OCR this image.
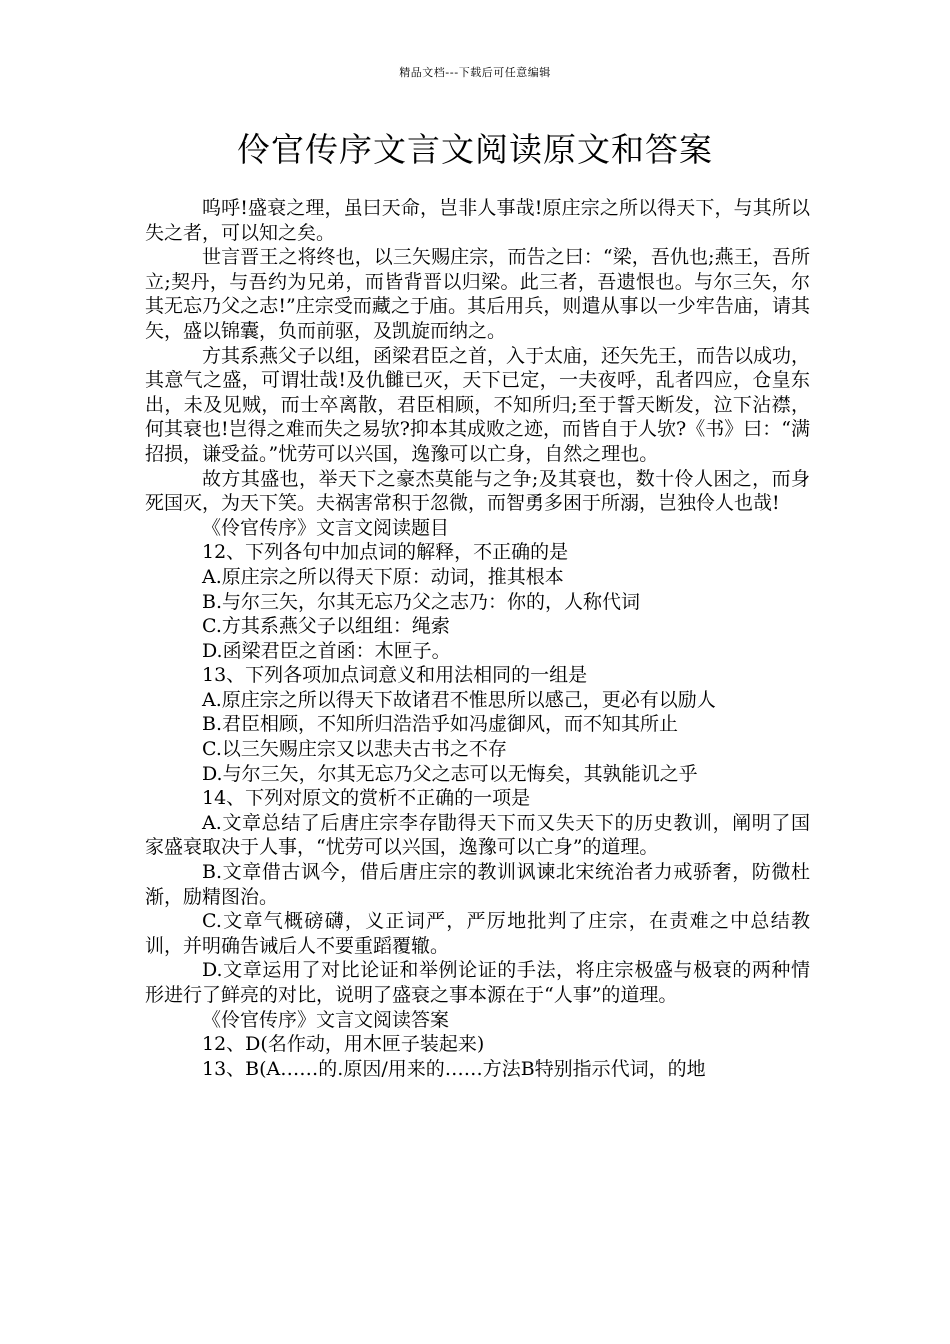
精品文档---下载后可任意编辑
伶官传序文言文阅读原文和答案

呜呼!盛衰之理，虽曰天命，岂非人事哉!原庄宗之所以得天下，与其所以失之者，可以知之矣。

世言晋王之将终也，以三矢赐庄宗，而告之曰：“梁，吾仇也;燕王，吾所立;契丹，与吾约为兄弟，而皆背晋以归梁。此三者，吾遗恨也。与尔三矢，尔其无忘乃父之志!”庄宗受而藏之于庙。其后用兵，则遣从事以一少牢告庙，请其矢，盛以锦囊，负而前驱，及凯旋而纳之。

方其系燕父子以组，函梁君臣之首，入于太庙，还矢先王，而告以成功，其意气之盛，可谓壮哉!及仇雠已灭，天下已定，一夫夜呼，乱者四应，仓皇东出，未及见贼，而士卒离散，君臣相顾，不知所归;至于誓天断发，泣下沾襟，何其衰也!岂得之难而失之易欤?抑本其成败之迹，而皆自于人欤?《书》曰：“满招损，谦受益。”忧劳可以兴国，逸豫可以亡身，自然之理也。

故方其盛也，举天下之豪杰莫能与之争;及其衰也，数十伶人困之，而身死国灭，为天下笑。夫祸害常积于忽微，而智勇多困于所溺，岂独伶人也哉!

《伶官传序》文言文阅读题目

12、下列各句中加点词的解释，不正确的是

A.原庄宗之所以得天下原：动词，推其根本

B.与尔三矢，尔其无忘乃父之志乃：你的，人称代词

C.方其系燕父子以组组：绳索

D.函梁君臣之首函：木匣子。

13、下列各项加点词意义和用法相同的一组是

A.原庄宗之所以得天下故诸君不惟思所以感己，更必有以励人

B.君臣相顾，不知所归浩浩乎如冯虚御风，而不知其所止

C.以三矢赐庄宗又以悲夫古书之不存

D.与尔三矢，尔其无忘乃父之志可以无悔矣，其孰能讥之乎

14、下列对原文的赏析不正确的一项是

A.文章总结了后唐庄宗李存勖得天下而又失天下的历史教训，阐明了国家盛衰取决于人事，“忧劳可以兴国，逸豫可以亡身”的道理。

B.文章借古讽今，借后唐庄宗的教训讽谏北宋统治者力戒骄奢，防微杜渐，励精图治。

C.文章气概磅礴，义正词严，严厉地批判了庄宗，在责难之中总结教训，并明确告诫后人不要重蹈覆辙。

D.文章运用了对比论证和举例论证的手法，将庄宗极盛与极衰的两种情形进行了鲜亮的对比，说明了盛衰之事本源在于“人事”的道理。

《伶官传序》文言文阅读答案

12、D(名作动，用木匣子装起来)

13、B(A……的.原因/用来的……方法B特别指示代词，的地
